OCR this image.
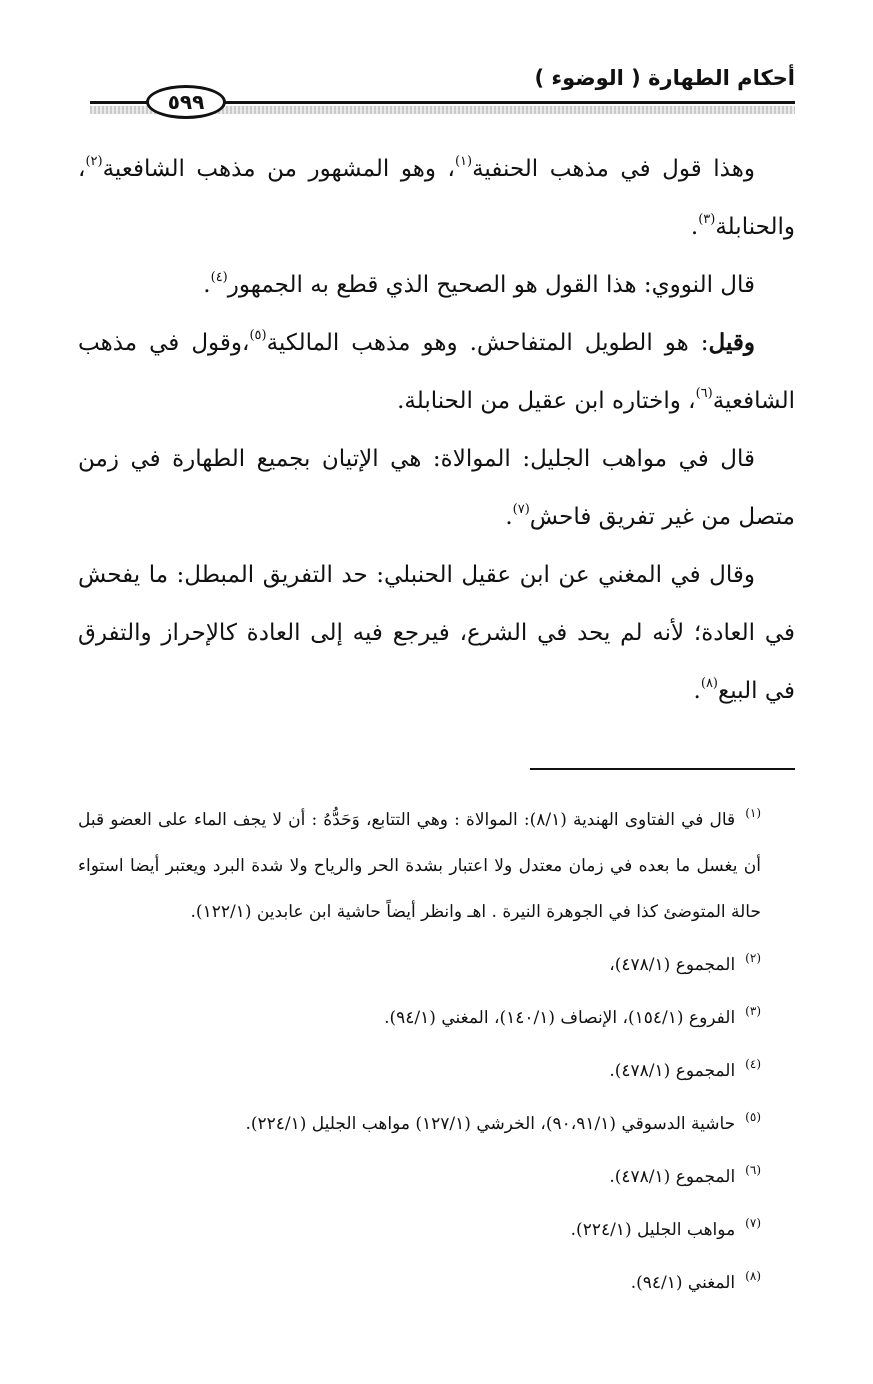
أحكام الطهارة ( الوضوء )
٥٩٩

وهذا قول في مذهب الحنفية$^{(١)}$، وهو المشهور من مذهب الشافعية$^{(٢)}$، والحنابلة$^{(٣)}$.

قال النووي: هذا القول هو الصحيح الذي قطع به الجمهور$^{(٤)}$.

وقيل: هو الطويل المتفاحش. وهو مذهب المالكية$^{(٥)}$،وقول في مذهب الشافعية$^{(٦)}$، واختاره ابن عقيل من الحنابلة.

قال في مواهب الجليل: الموالاة: هي الإتيان بجميع الطهارة في زمن متصل من غير تفريق فاحش$^{(٧)}$.

وقال في المغني عن ابن عقيل الحنبلي: حد التفريق المبطل: ما يفحش في العادة؛ لأنه لم يحد في الشرع، فيرجع فيه إلى العادة كالإحراز والتفرق في البيع$^{(٨)}$.

$^{(١)}$قال في الفتاوى الهندية (٨/١): الموالاة : وهي التتابع، وَحَدُّهُ : أن لا يجف الماء على العضو قبل أن يغسل ما بعده في زمان معتدل ولا اعتبار بشدة الحر والرياح ولا شدة البرد ويعتبر أيضا استواء حالة المتوضئ كذا في الجوهرة النيرة . اهـ وانظر أيضاً حاشية ابن عابدين (١٢٢/١).

$^{(٢)}$المجموع (٤٧٨/١)،

$^{(٣)}$الفروع (١٥٤/١)، الإنصاف (١٤٠/١)، المغني (٩٤/١).

$^{(٤)}$المجموع (٤٧٨/١).

$^{(٥)}$حاشية الدسوقي (٩٠،٩١/١)، الخرشي (١٢٧/١) مواهب الجليل (٢٢٤/١).

$^{(٦)}$المجموع (٤٧٨/١).

$^{(٧)}$مواهب الجليل (٢٢٤/١).

$^{(٨)}$المغني (٩٤/١).
